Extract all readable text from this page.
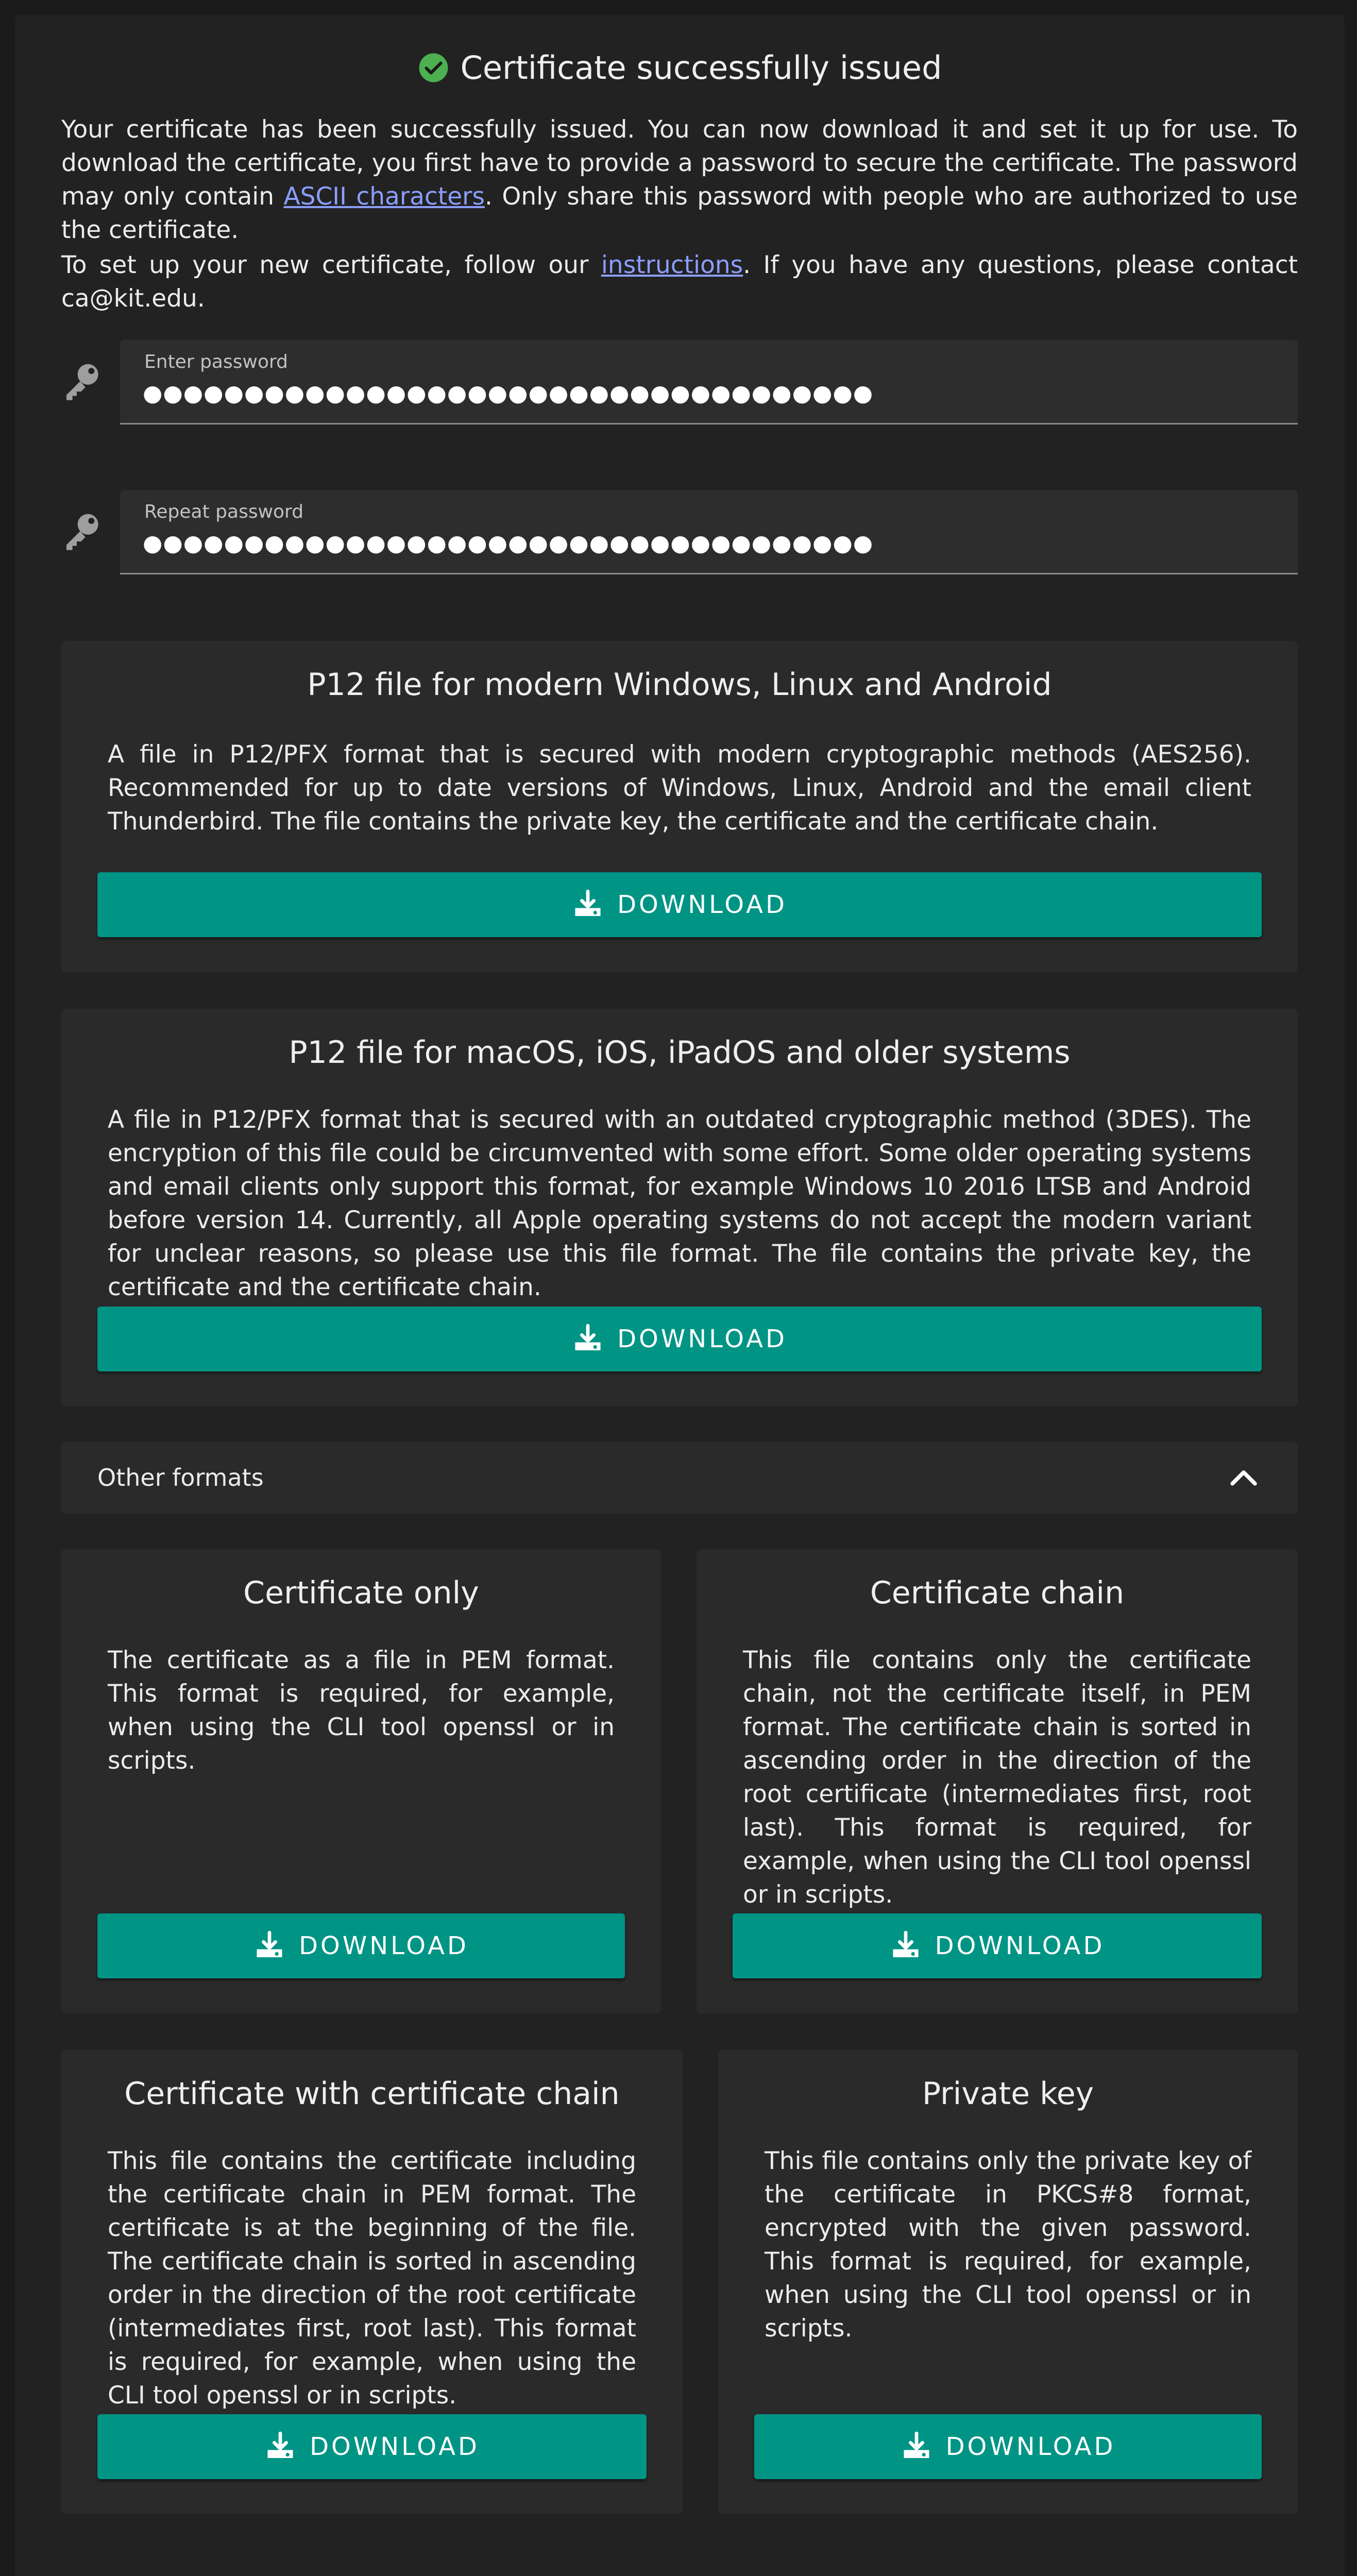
Certificate successfully issued
Your certificate has been successfully issued. You can now download it and set it up for use. To download the certificate, you first have to provide a password to secure the certificate. The password may only contain ASCII characters. Only share this password with people who are authorized to use the certificate.
To set up your new certificate, follow our instructions. If you have any questions, please contact ca@kit.edu.
Enter password
●●●●●●●●●●●●●●●●●●●●●●●●●●●●●●●●●●●●
Repeat password
●●●●●●●●●●●●●●●●●●●●●●●●●●●●●●●●●●●●
P12 file for modern Windows, Linux and Android
A file in P12/PFX format that is secured with modern cryptographic methods (AES256). Recommended for up to date versions of Windows, Linux, Android and the email client Thunderbird. The file contains the private key, the certificate and the certificate chain.
DOWNLOAD
P12 file for macOS, iOS, iPadOS and older systems
A file in P12/PFX format that is secured with an outdated cryptographic method (3DES). The encryption of this file could be circumvented with some effort. Some older operating systems and email clients only support this format, for example Windows 10 2016 LTSB and Android before version 14. Currently, all Apple operating systems do not accept the modern variant for unclear reasons, so please use this file format. The file contains the private key, the certificate and the certificate chain.
DOWNLOAD
Other formats
Certificate only
The certificate as a file in PEM format. This format is required, for example, when using the CLI tool openssl or in scripts.
DOWNLOAD
Certificate chain
This file contains only the certificate chain, not the certificate itself, in PEM format. The certificate chain is sorted in ascending order in the direction of the root certificate (intermediates first, root last). This format is required, for example, when using the CLI tool openssl or in scripts.
DOWNLOAD
Certificate with certificate chain
This file contains the certificate including the certificate chain in PEM format. The certificate is at the beginning of the file. The certificate chain is sorted in ascending order in the direction of the root certificate (intermediates first, root last). This format is required, for example, when using the CLI tool openssl or in scripts.
DOWNLOAD
Private key
This file contains only the private key of the certificate in PKCS#8 format, encrypted with the given password. This format is required, for example, when using the CLI tool openssl or in scripts.
DOWNLOAD
